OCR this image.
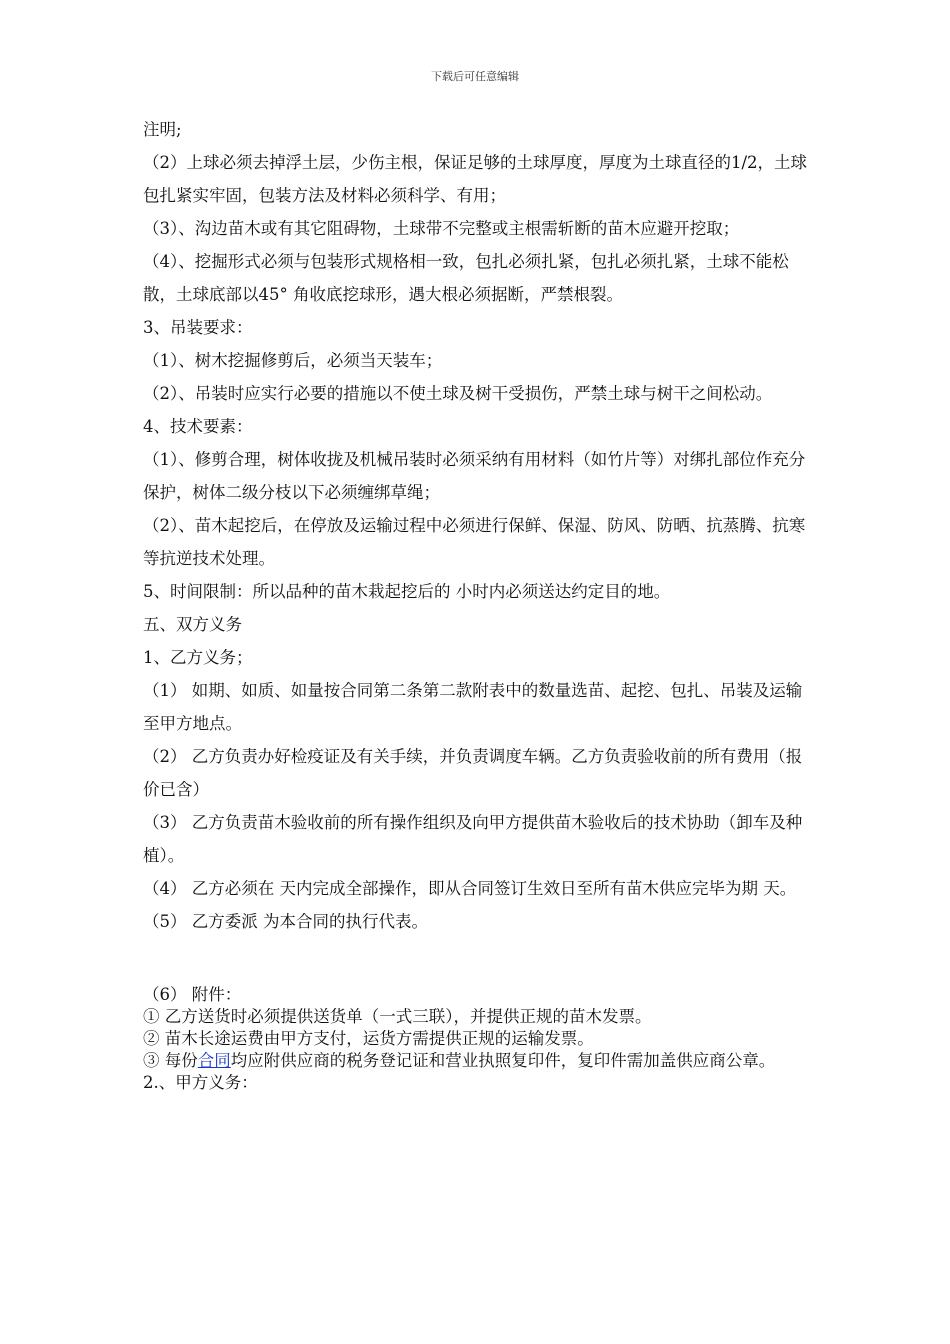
下载后可任意编辑

注明;

（2）上球必须去掉浮土层，少伤主根，保证足够的土球厚度，厚度为土球直径的1/2，土球包扎紧实牢固，包装方法及材料必须科学、有用；

（3）、沟边苗木或有其它阻碍物，土球带不完整或主根需斩断的苗木应避开挖取；

（4）、挖掘形式必须与包装形式规格相一致，包扎必须扎紧，包扎必须扎紧，土球不能松散，土球底部以45° 角收底挖球形，遇大根必须据断，严禁根裂。

3、吊装要求：

（1）、树木挖掘修剪后，必须当天装车；

（2）、吊装时应实行必要的措施以不使土球及树干受损伤，严禁土球与树干之间松动。

4、技术要素：

（1）、修剪合理，树体收拢及机械吊装时必须采纳有用材料（如竹片等）对绑扎部位作充分保护，树体二级分枝以下必须缠绑草绳；

（2）、苗木起挖后，在停放及运输过程中必须进行保鲜、保湿、防风、防晒、抗蒸腾、抗寒等抗逆技术处理。

5、时间限制：所以品种的苗木栽起挖后的 小时内必须送达约定目的地。

五、双方义务

1、乙方义务；

（1） 如期、如质、如量按合同第二条第二款附表中的数量选苗、起挖、包扎、吊装及运输至甲方地点。

（2） 乙方负责办好检疫证及有关手续，并负责调度车辆。乙方负责验收前的所有费用（报价已含）

（3） 乙方负责苗木验收前的所有操作组织及向甲方提供苗木验收后的技术协助（卸车及种植）。

（4） 乙方必须在 天内完成全部操作，即从合同签订生效日至所有苗木供应完毕为期 天。

（5） 乙方委派 为本合同的执行代表。

（6） 附件：

① 乙方送货时必须提供送货单（一式三联），并提供正规的苗木发票。

② 苗木长途运费由甲方支付，运货方需提供正规的运输发票。

③ 每份合同均应附供应商的税务登记证和营业执照复印件，复印件需加盖供应商公章。

2.、甲方义务：
